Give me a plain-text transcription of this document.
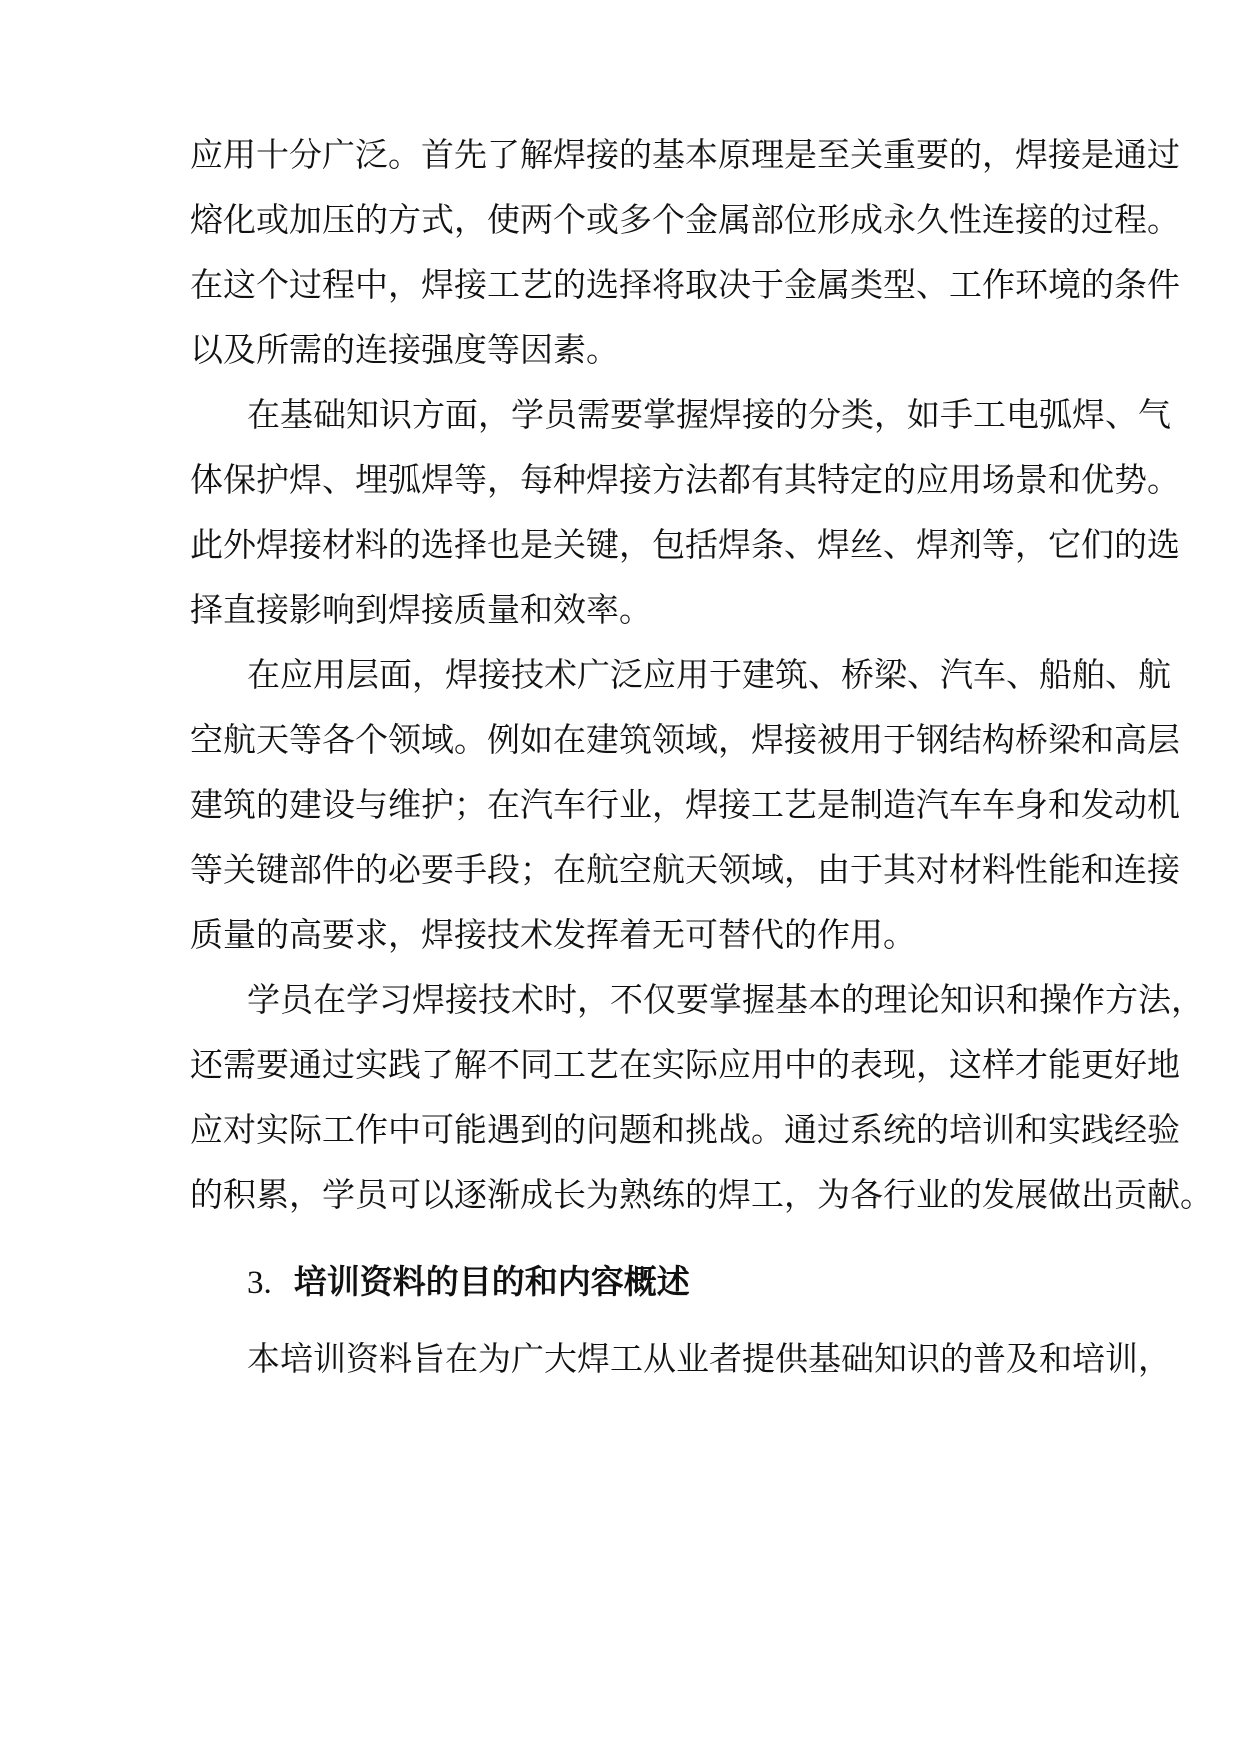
应用十分广泛。首先了解焊接的基本原理是至关重要的，焊接是通过
熔化或加压的方式，使两个或多个金属部位形成永久性连接的过程。
在这个过程中，焊接工艺的选择将取决于金属类型、工作环境的条件
以及所需的连接强度等因素。
在基础知识方面，学员需要掌握焊接的分类，如手工电弧焊、气
体保护焊、埋弧焊等，每种焊接方法都有其特定的应用场景和优势。
此外焊接材料的选择也是关键，包括焊条、焊丝、焊剂等，它们的选
择直接影响到焊接质量和效率。
在应用层面，焊接技术广泛应用于建筑、桥梁、汽车、船舶、航
空航天等各个领域。例如在建筑领域，焊接被用于钢结构桥梁和高层
建筑的建设与维护；在汽车行业，焊接工艺是制造汽车车身和发动机
等关键部件的必要手段；在航空航天领域，由于其对材料性能和连接
质量的高要求，焊接技术发挥着无可替代的作用。
学员在学习焊接技术时，不仅要掌握基本的理论知识和操作方法，
还需要通过实践了解不同工艺在实际应用中的表现，这样才能更好地
应对实际工作中可能遇到的问题和挑战。通过系统的培训和实践经验
的积累，学员可以逐渐成长为熟练的焊工，为各行业的发展做出贡献。
3. 培训资料的目的和内容概述
本培训资料旨在为广大焊工从业者提供基础知识的普及和培训，
